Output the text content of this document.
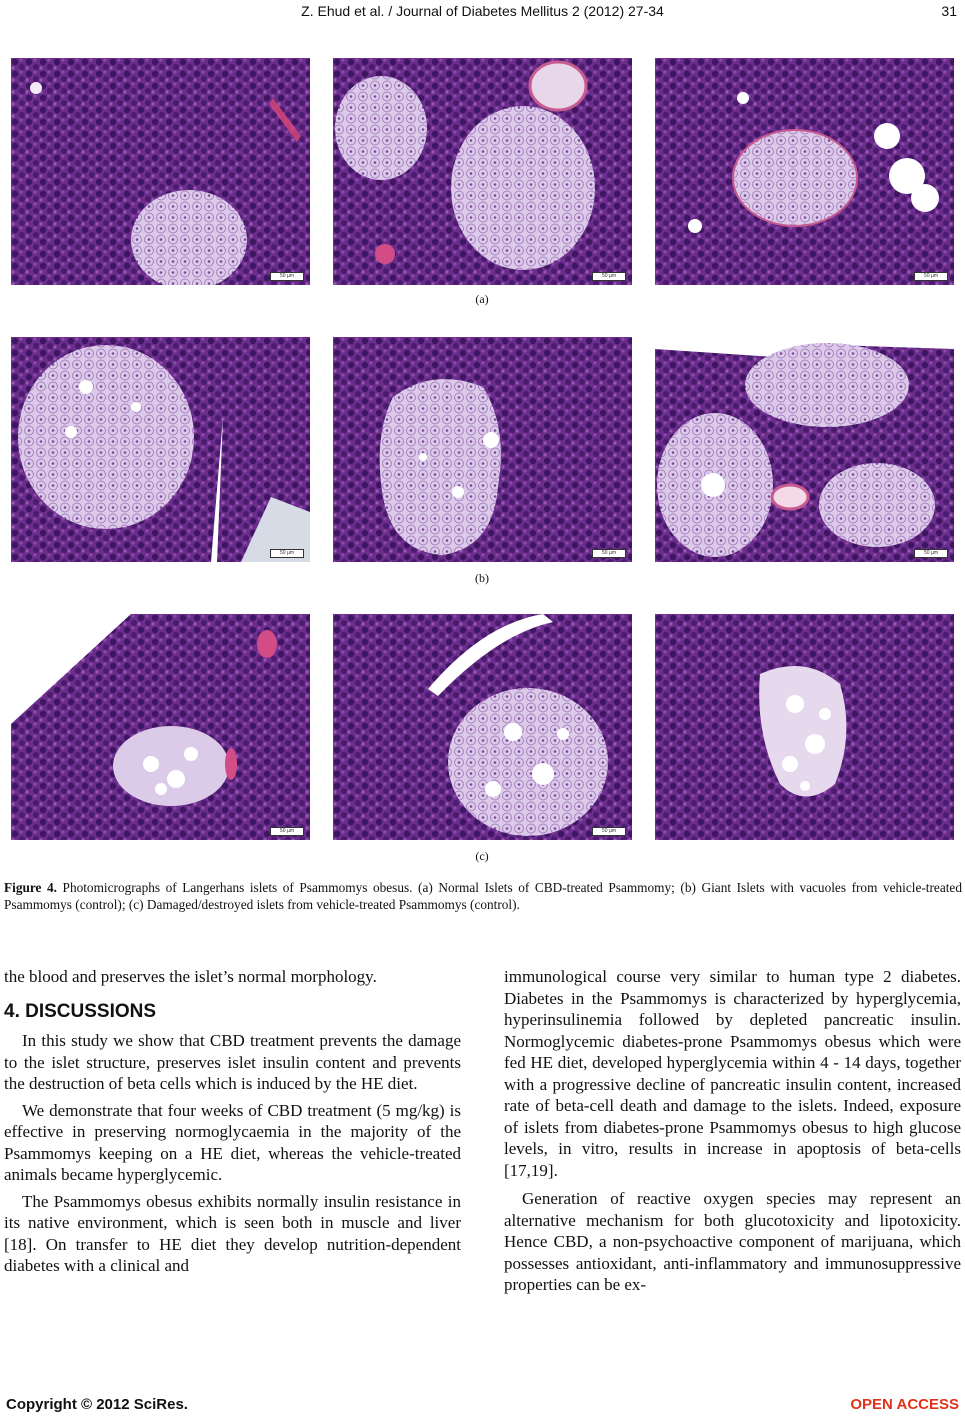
Z. Ehud et al. / Journal of Diabetes Mellitus 2 (2012) 27-34	31
50 µm	50 µm	50 µm
(a)
50 µm	50 µm	50 µm
(b)
50 µm	50 µm
(c)
Figure 4. Photomicrographs of Langerhans islets of Psammomys obesus. (a) Normal Islets of CBD-treated Psammomy; (b) Giant Islets with vacuoles from vehicle-treated Psammomys (control); (c) Damaged/destroyed islets from vehicle-treated Psammomys (control).

the blood and preserves the islet’s normal morphology.

4. DISCUSSIONS

In this study we show that CBD treatment prevents the damage to the islet structure, preserves islet insulin content and prevents the destruction of beta cells which is induced by the HE diet.

We demonstrate that four weeks of CBD treatment (5 mg/kg) is effective in preserving normoglycaemia in the majority of the Psammomys keeping on a HE diet, whereas the vehicle-treated animals became hyperglycemic.

The Psammomys obesus exhibits normally insulin resistance in its native environment, which is seen both in muscle and liver [18]. On transfer to HE diet they develop nutrition-dependent diabetes with a clinical and

immunological course very similar to human type 2 diabetes. Diabetes in the Psammomys is characterized by hyperglycemia, hyperinsulinemia followed by depleted pancreatic insulin. Normoglycemic diabetes-prone Psammomys obesus which were fed HE diet, developed hyperglycemia within 4 - 14 days, together with a progressive decline of pancreatic insulin content, increased rate of beta-cell death and damage to the islets. Indeed, exposure of islets from diabetes-prone Psammomys obesus to high glucose levels, in vitro, results in increase in apoptosis of beta-cells [17,19].

Generation of reactive oxygen species may represent an alternative mechanism for both glucotoxicity and lipotoxicity. Hence CBD, a non-psychoactive component of marijuana, which possesses antioxidant, anti-inflammatory and immunosuppressive properties can be ex-

Copyright © 2012 SciRes.	OPEN ACCESS
